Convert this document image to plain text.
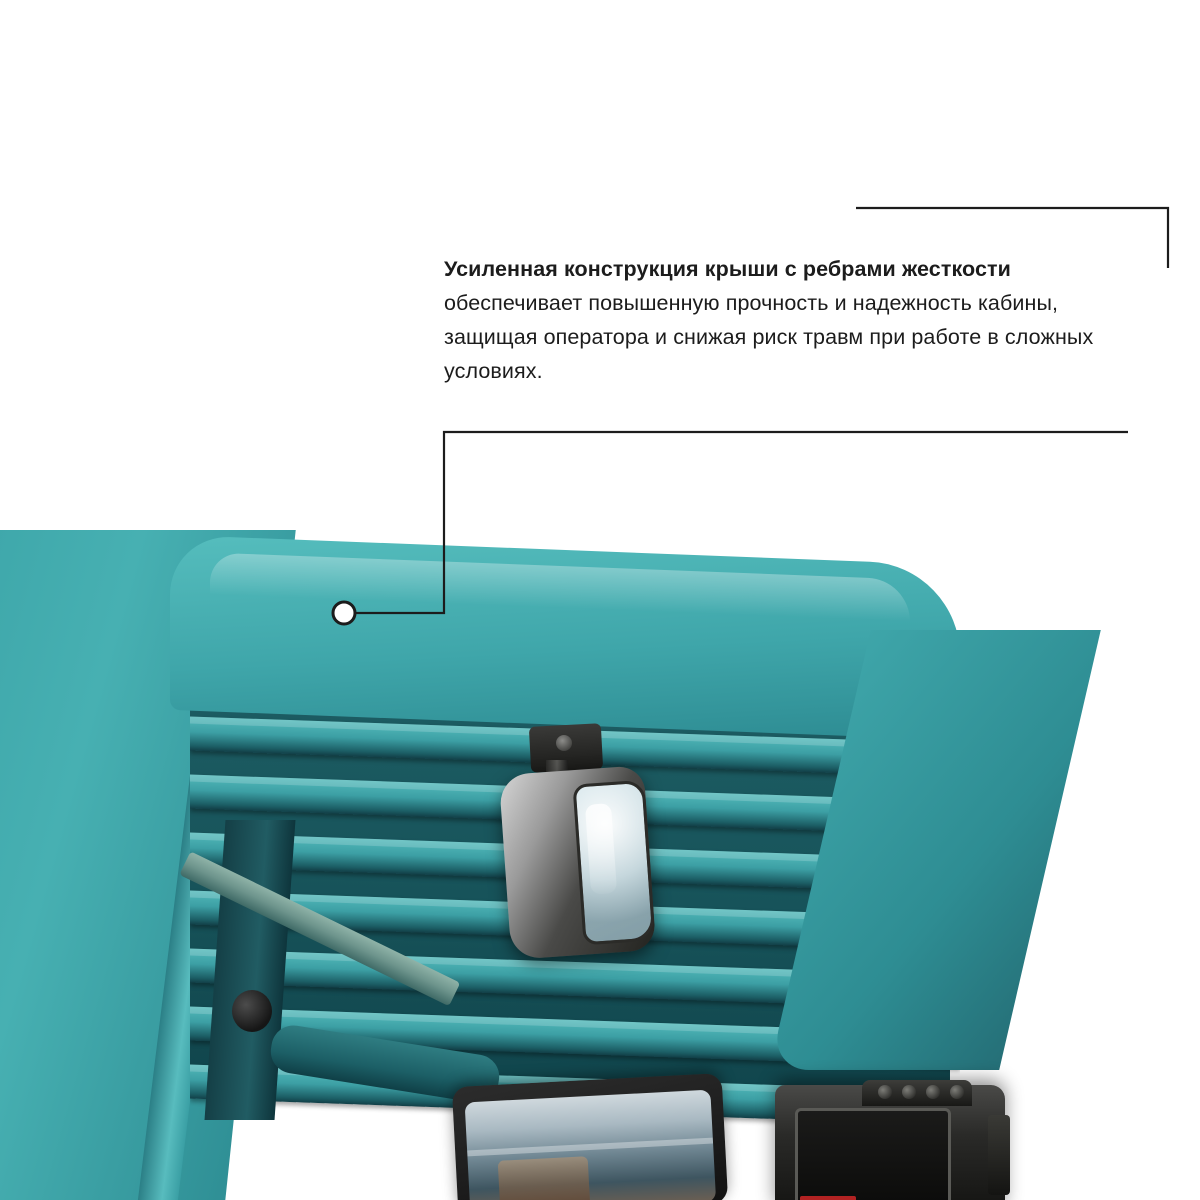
Усиленная конструкция крыши с ребрами жесткости обеспечивает повышенную прочность и надежность кабины, защищая оператора и снижая риск травм при работе в сложных условиях.
